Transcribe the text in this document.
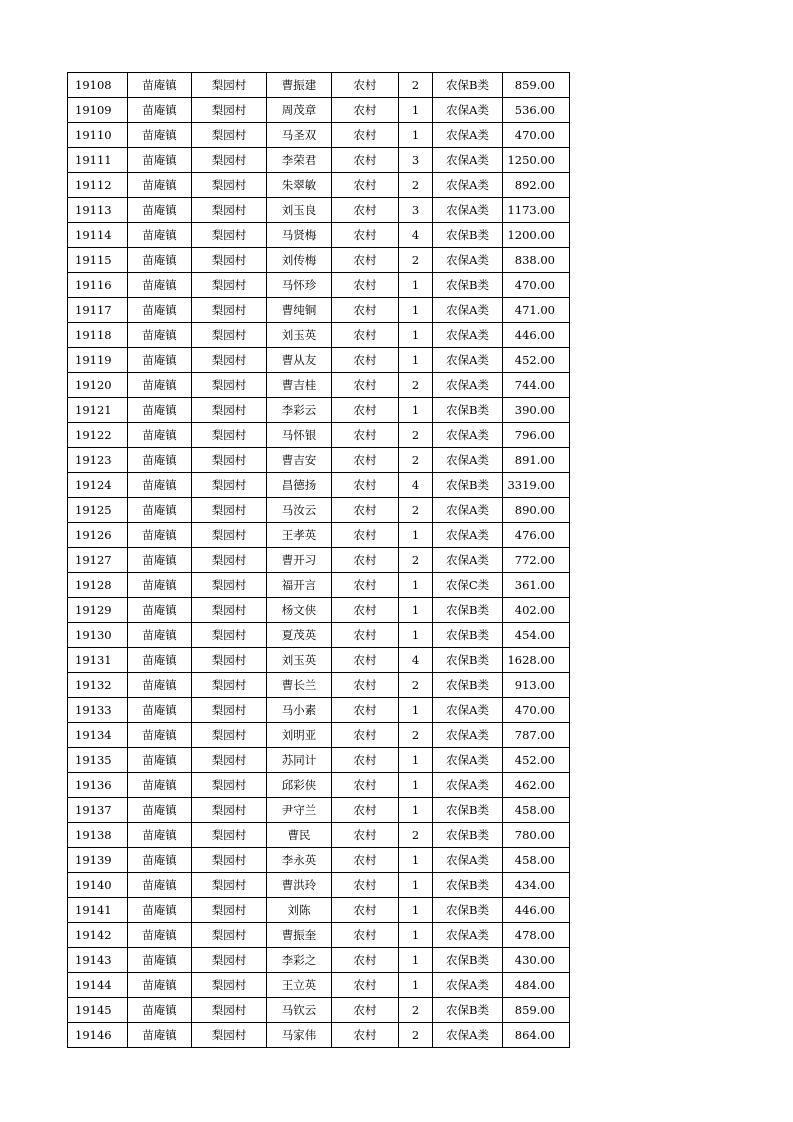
19108	苗庵镇	梨园村	曹振建	农村	2	农保B类	859.00
19109	苗庵镇	梨园村	周茂章	农村	1	农保A类	536.00
19110	苗庵镇	梨园村	马圣双	农村	1	农保A类	470.00
19111	苗庵镇	梨园村	李荣君	农村	3	农保A类	1250.00
19112	苗庵镇	梨园村	朱翠敏	农村	2	农保A类	892.00
19113	苗庵镇	梨园村	刘玉良	农村	3	农保A类	1173.00
19114	苗庵镇	梨园村	马贤梅	农村	4	农保B类	1200.00
19115	苗庵镇	梨园村	刘传梅	农村	2	农保A类	838.00
19116	苗庵镇	梨园村	马怀珍	农村	1	农保B类	470.00
19117	苗庵镇	梨园村	曹纯铜	农村	1	农保A类	471.00
19118	苗庵镇	梨园村	刘玉英	农村	1	农保A类	446.00
19119	苗庵镇	梨园村	曹从友	农村	1	农保A类	452.00
19120	苗庵镇	梨园村	曹吉桂	农村	2	农保A类	744.00
19121	苗庵镇	梨园村	李彩云	农村	1	农保B类	390.00
19122	苗庵镇	梨园村	马怀银	农村	2	农保A类	796.00
19123	苗庵镇	梨园村	曹吉安	农村	2	农保A类	891.00
19124	苗庵镇	梨园村	昌德扬	农村	4	农保B类	3319.00
19125	苗庵镇	梨园村	马汝云	农村	2	农保A类	890.00
19126	苗庵镇	梨园村	王孝英	农村	1	农保A类	476.00
19127	苗庵镇	梨园村	曹开习	农村	2	农保A类	772.00
19128	苗庵镇	梨园村	福开言	农村	1	农保C类	361.00
19129	苗庵镇	梨园村	杨文侠	农村	1	农保B类	402.00
19130	苗庵镇	梨园村	夏茂英	农村	1	农保B类	454.00
19131	苗庵镇	梨园村	刘玉英	农村	4	农保B类	1628.00
19132	苗庵镇	梨园村	曹长兰	农村	2	农保B类	913.00
19133	苗庵镇	梨园村	马小素	农村	1	农保A类	470.00
19134	苗庵镇	梨园村	刘明亚	农村	2	农保A类	787.00
19135	苗庵镇	梨园村	苏同计	农村	1	农保A类	452.00
19136	苗庵镇	梨园村	邱彩侠	农村	1	农保A类	462.00
19137	苗庵镇	梨园村	尹守兰	农村	1	农保B类	458.00
19138	苗庵镇	梨园村	曹民	农村	2	农保B类	780.00
19139	苗庵镇	梨园村	李永英	农村	1	农保A类	458.00
19140	苗庵镇	梨园村	曹洪玲	农村	1	农保B类	434.00
19141	苗庵镇	梨园村	刘陈	农村	1	农保B类	446.00
19142	苗庵镇	梨园村	曹振奎	农村	1	农保A类	478.00
19143	苗庵镇	梨园村	李彩之	农村	1	农保B类	430.00
19144	苗庵镇	梨园村	王立英	农村	1	农保A类	484.00
19145	苗庵镇	梨园村	马钦云	农村	2	农保B类	859.00
19146	苗庵镇	梨园村	马家伟	农村	2	农保A类	864.00
